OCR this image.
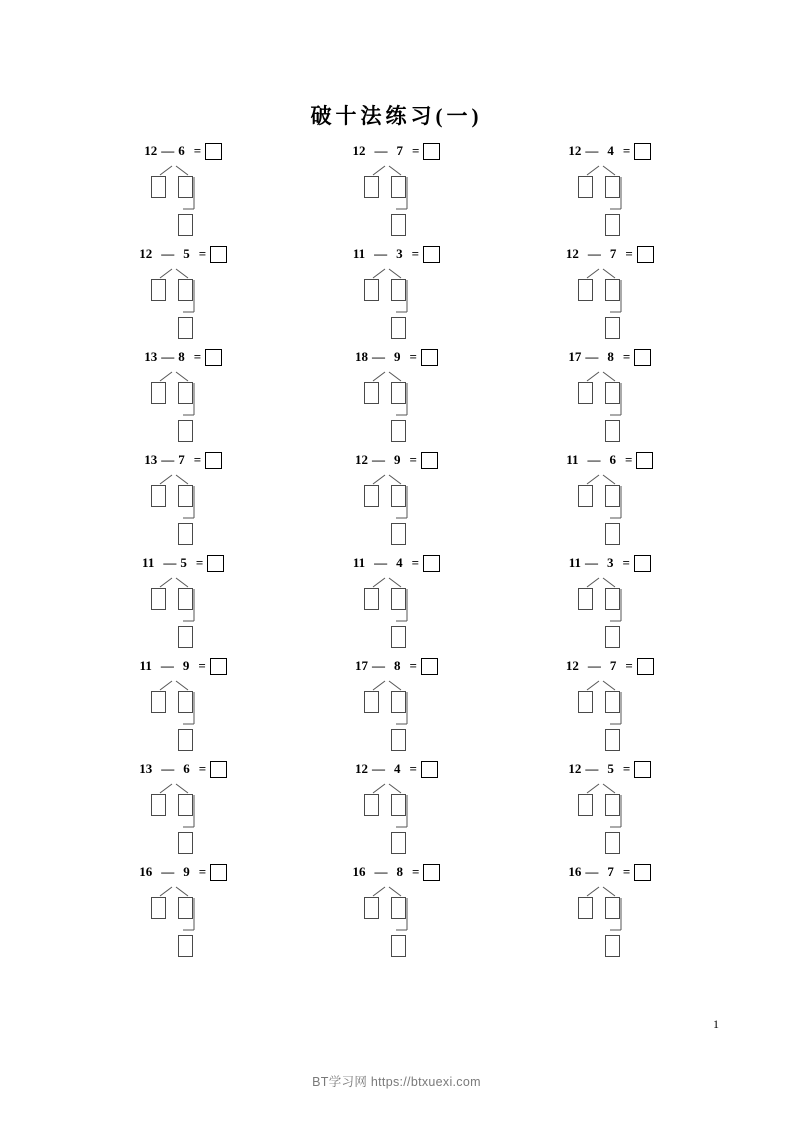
破十法练习(一)
12 — 6 =	12 — 7 =	12 — 4 =
12 — 5 =	11 — 3 =	12 — 7 =
13 — 8 =	18 — 9 =	17 — 8 =
13 — 7 =	12 — 9 =	11 — 6 =
11 — 5 =	11 — 4 =	11 — 3 =
11 — 9 =	17 — 8 =	12 — 7 =
13 — 6 =	12 — 4 =	12 — 5 =
16 — 9 =	16 — 8 =	16 — 7 =
1
BT学习网 https://btxuexi.com
